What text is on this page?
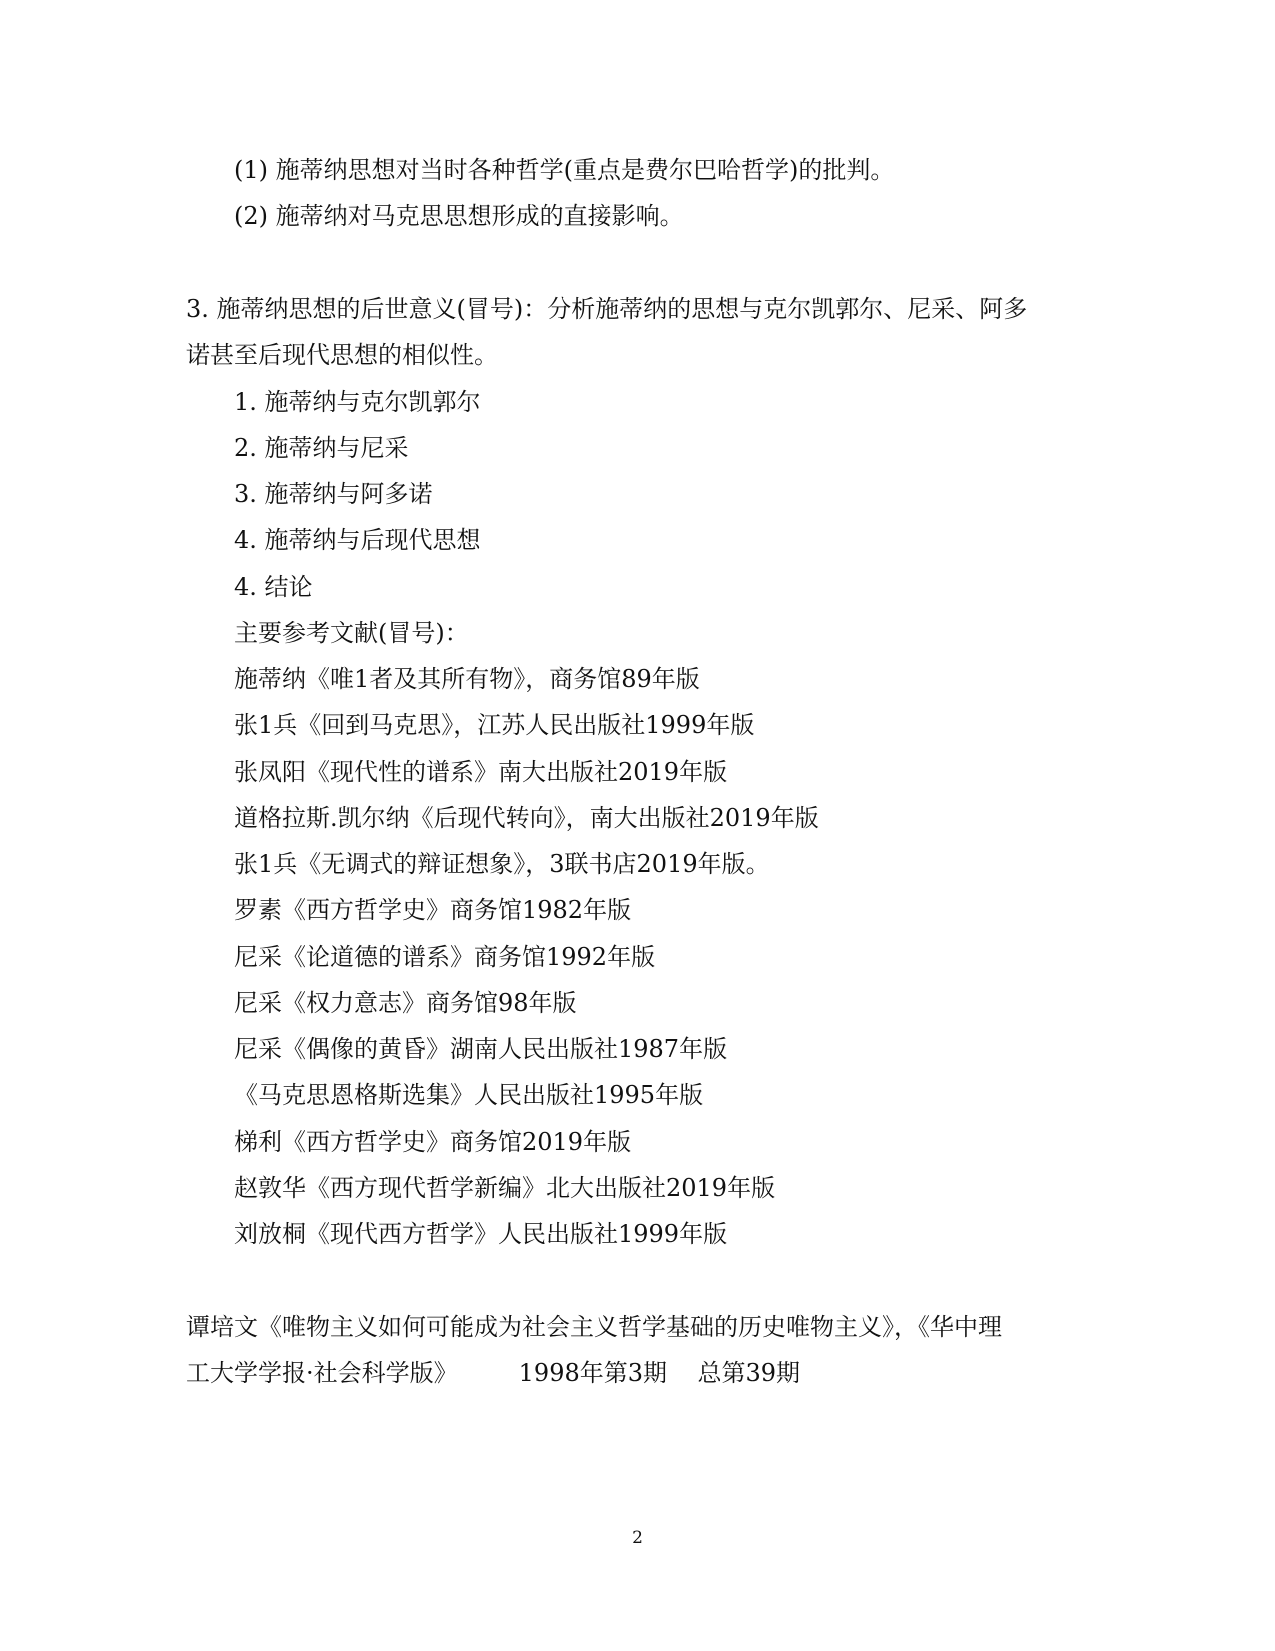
(1) 施蒂纳思想对当时各种哲学(重点是费尔巴哈哲学)的批判。
(2) 施蒂纳对马克思思想形成的直接影响。
3. 施蒂纳思想的后世意义(冒号)：分析施蒂纳的思想与克尔凯郭尔、尼采、阿多
诺甚至后现代思想的相似性。
1. 施蒂纳与克尔凯郭尔
2. 施蒂纳与尼采
3. 施蒂纳与阿多诺
4. 施蒂纳与后现代思想
4. 结论
主要参考文献(冒号)：
施蒂纳《唯1者及其所有物》，商务馆89年版
张1兵《回到马克思》，江苏人民出版社1999年版
张凤阳《现代性的谱系》南大出版社2019年版
道格拉斯.凯尔纳《后现代转向》，南大出版社2019年版
张1兵《无调式的辩证想象》，3联书店2019年版。
罗素《西方哲学史》商务馆1982年版
尼采《论道德的谱系》商务馆1992年版
尼采《权力意志》商务馆98年版
尼采《偶像的黄昏》湖南人民出版社1987年版
《马克思恩格斯选集》人民出版社1995年版
梯利《西方哲学史》商务馆2019年版
赵敦华《西方现代哲学新编》北大出版社2019年版
刘放桐《现代西方哲学》人民出版社1999年版
谭培文《唯物主义如何可能成为社会主义哲学基础的历史唯物主义》，《华中理
工大学学报·社会科学版》        1998年第3期    总第39期
2
